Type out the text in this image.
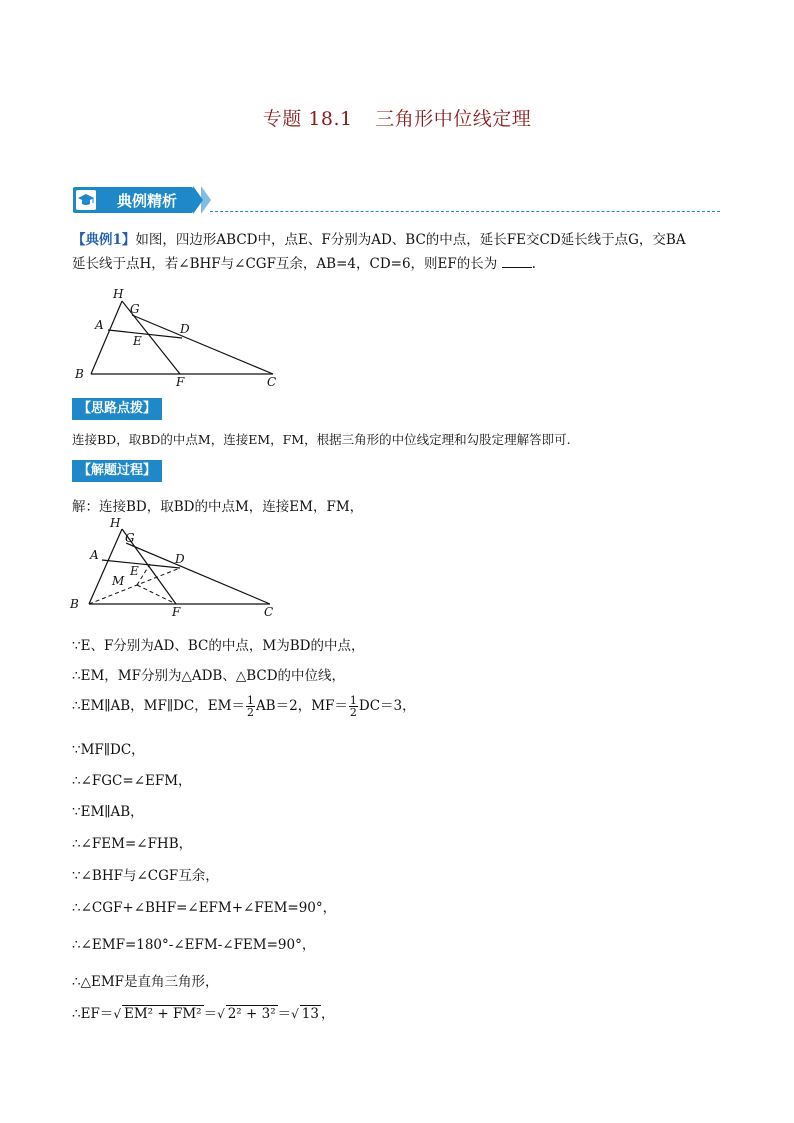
专题 18.1 三角形中位线定理
典例精析
【典例1】如图，四边形ABCD中，点E、F分别为AD、BC的中点，延长FE交CD延长线于点G，交BA
延长线于点H，若∠BHF与∠CGF互余，AB=4，CD=6，则EF的长为	.
H
G
A	D
E
B
F	C
【思路点拨】
连接BD，取BD的中点M，连接EM，FM，根据三角形的中位线定理和勾股定理解答即可.
【解题过程】
解：连接BD，取BD的中点M，连接EM，FM，
H
G
A	D
E
M
B
F	C
∵E、F分别为AD、BC的中点，M为BD的中点，
∴EM，MF分别为△ADB、△BCD的中位线，
∴EM∥AB，MF∥DC，$EM= \frac{1}{2} AB=2$，$MF= \frac{1}{2} DC=3$，
∵MF∥DC，
∴∠FGC=∠EFM，
∵EM∥AB，
∴∠FEM=∠FHB，
∵∠BHF与∠CGF互余，
∴∠CGF+∠BHF=∠EFM+∠FEM=90°，
∴∠EMF=180°-∠EFM-∠FEM=90°，
∴△EMF是直角三角形，
∴EF＝√ EM² + FM² ＝√ 2² + 3² ＝√ 13 ，
